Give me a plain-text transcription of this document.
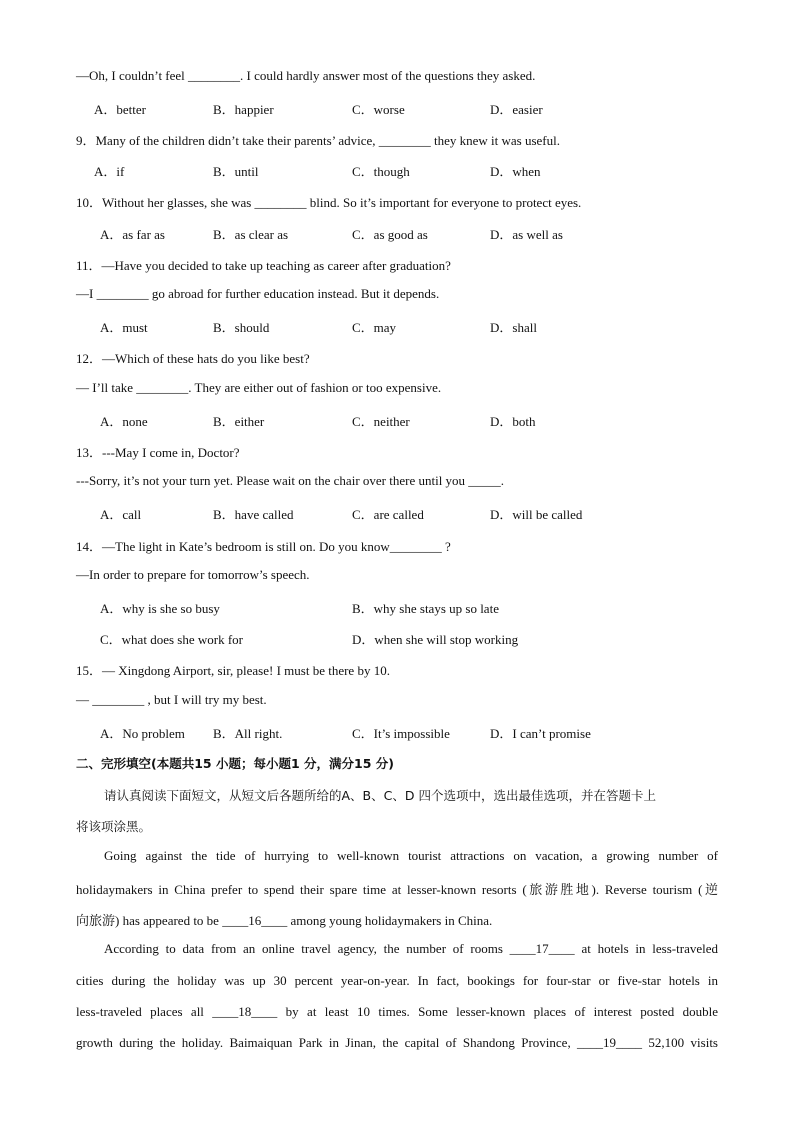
—Oh, I couldn’t feel ________. I could hardly answer most of the questions they asked.
A．better	B．happier	C．worse	D．easier
9．Many of the children didn’t take their parents’ advice, ________ they knew it was useful.
A．if	B．until	C．though	D．when
10．Without her glasses, she was ________ blind. So it’s important for everyone to protect eyes.
A．as far as	B．as clear as	C．as good as	D．as well as
11．—Have you decided to take up teaching as career after graduation?
—I ________ go abroad for further education instead. But it depends.
A．must	B．should	C．may	D．shall
12．—Which of these hats do you like best?
— I’ll take ________. They are either out of fashion or too expensive.
A．none	B．either	C．neither	D．both
13．---May I come in, Doctor?
---Sorry, it’s not your turn yet. Please wait on the chair over there until you _____.
A．call	B．have called	C．are called	D．will be called
14．—The light in Kate’s bedroom is still on. Do you know________ ?
—In order to prepare for tomorrow’s speech.
A．why is she so busy	B．why she stays up so late
C．what does she work for	D．when she will stop working
15．— Xingdong Airport, sir, please! I must be there by 10.
— ________ , but I will try my best.
A．No problem B．All right.	C．It’s impossible	D．I can’t promise
二、完形填空(本题共15 小题；每小题1 分，满分15 分)
请认真阅读下面短文，从短文后各题所给的A、B、C、D 四个选项中，选出最佳选项，并在答题卡上
将该项涂黑。
Going against the tide of hurrying to well-known tourist attractions on vacation, a growing number of
holidaymakers in China prefer to spend their spare time at lesser-known resorts (旅游胜地). Reverse tourism (逆
向旅游) has appeared to be ____16____ among young holidaymakers in China.
According to data from an online travel agency, the number of rooms ____17____ at hotels in less-traveled
cities during the holiday was up 30 percent year-on-year. In fact, bookings for four-star or five-star hotels in
less-traveled places all ____18____ by at least 10 times. Some lesser-known places of interest posted double
growth during the holiday. Baimaiquan Park in Jinan, the capital of Shandong Province, ____19____ 52,100 visits
